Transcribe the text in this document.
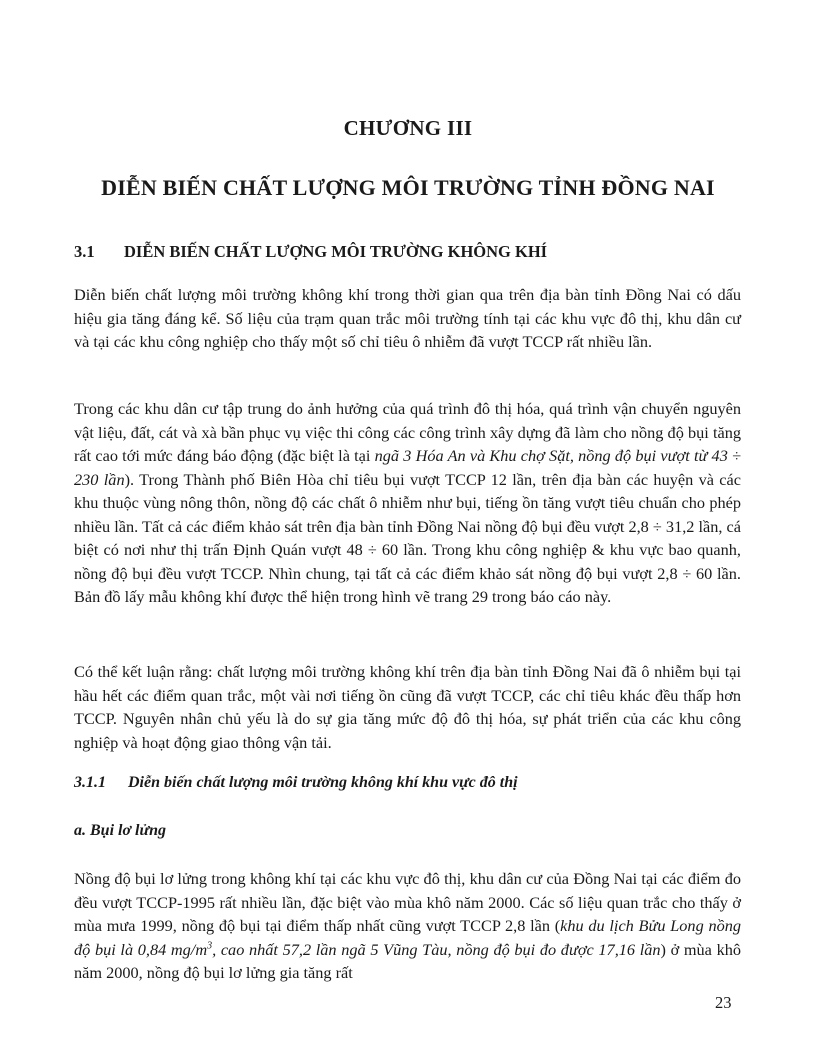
CHƯƠNG III
DIỄN BIẾN CHẤT LƯỢNG MÔI TRƯỜNG TỈNH ĐỒNG NAI
3.1 DIỄN BIẾN CHẤT LƯỢNG MÔI TRƯỜNG KHÔNG KHÍ

Diễn biến chất lượng môi trường không khí trong thời gian qua trên địa bàn tỉnh Đồng Nai có dấu hiệu gia tăng đáng kể. Số liệu của trạm quan trắc môi trường tính tại các khu vực đô thị, khu dân cư và tại các khu công nghiệp cho thấy một số chỉ tiêu ô nhiễm đã vượt TCCP rất nhiều lần.

Trong các khu dân cư tập trung do ảnh hưởng của quá trình đô thị hóa, quá trình vận chuyển nguyên vật liệu, đất, cát và xà bần phục vụ việc thi công các công trình xây dựng đã làm cho nồng độ bụi tăng rất cao tới mức đáng báo động (đặc biệt là tại ngã 3 Hóa An và Khu chợ Sặt, nồng độ bụi vượt từ 43 ÷ 230 lần). Trong Thành phố Biên Hòa chỉ tiêu bụi vượt TCCP 12 lần, trên địa bàn các huyện và các khu thuộc vùng nông thôn, nồng độ các chất ô nhiễm như bụi, tiếng ồn tăng vượt tiêu chuẩn cho phép nhiều lần. Tất cả các điểm khảo sát trên địa bàn tỉnh Đồng Nai nồng độ bụi đều vượt 2,8 ÷ 31,2 lần, cá biệt có nơi như thị trấn Định Quán vượt 48 ÷ 60 lần. Trong khu công nghiệp & khu vực bao quanh, nồng độ bụi đều vượt TCCP. Nhìn chung, tại tất cả các điểm khảo sát nồng độ bụi vượt 2,8 ÷ 60 lần. Bản đồ lấy mẫu không khí được thể hiện trong hình vẽ trang 29 trong báo cáo này.

Có thể kết luận rằng: chất lượng môi trường không khí trên địa bàn tỉnh Đồng Nai đã ô nhiễm bụi tại hầu hết các điểm quan trắc, một vài nơi tiếng ồn cũng đã vượt TCCP, các chỉ tiêu khác đều thấp hơn TCCP. Nguyên nhân chủ yếu là do sự gia tăng mức độ đô thị hóa, sự phát triển của các khu công nghiệp và hoạt động giao thông vận tải.

3.1.1 Diễn biến chất lượng môi trường không khí khu vực đô thị
a. Bụi lơ lửng

Nồng độ bụi lơ lửng trong không khí tại các khu vực đô thị, khu dân cư của Đồng Nai tại các điểm đo đều vượt TCCP-1995 rất nhiều lần, đặc biệt vào mùa khô năm 2000. Các số liệu quan trắc cho thấy ở mùa mưa 1999, nồng độ bụi tại điểm thấp nhất cũng vượt TCCP 2,8 lần (khu du lịch Bửu Long nồng độ bụi là 0,84 $mg/m^3$, cao nhất 57,2 lần ngã 5 Vũng Tàu, nồng độ bụi đo được 17,16 lần) ở mùa khô năm 2000, nồng độ bụi lơ lửng gia tăng rất

23
